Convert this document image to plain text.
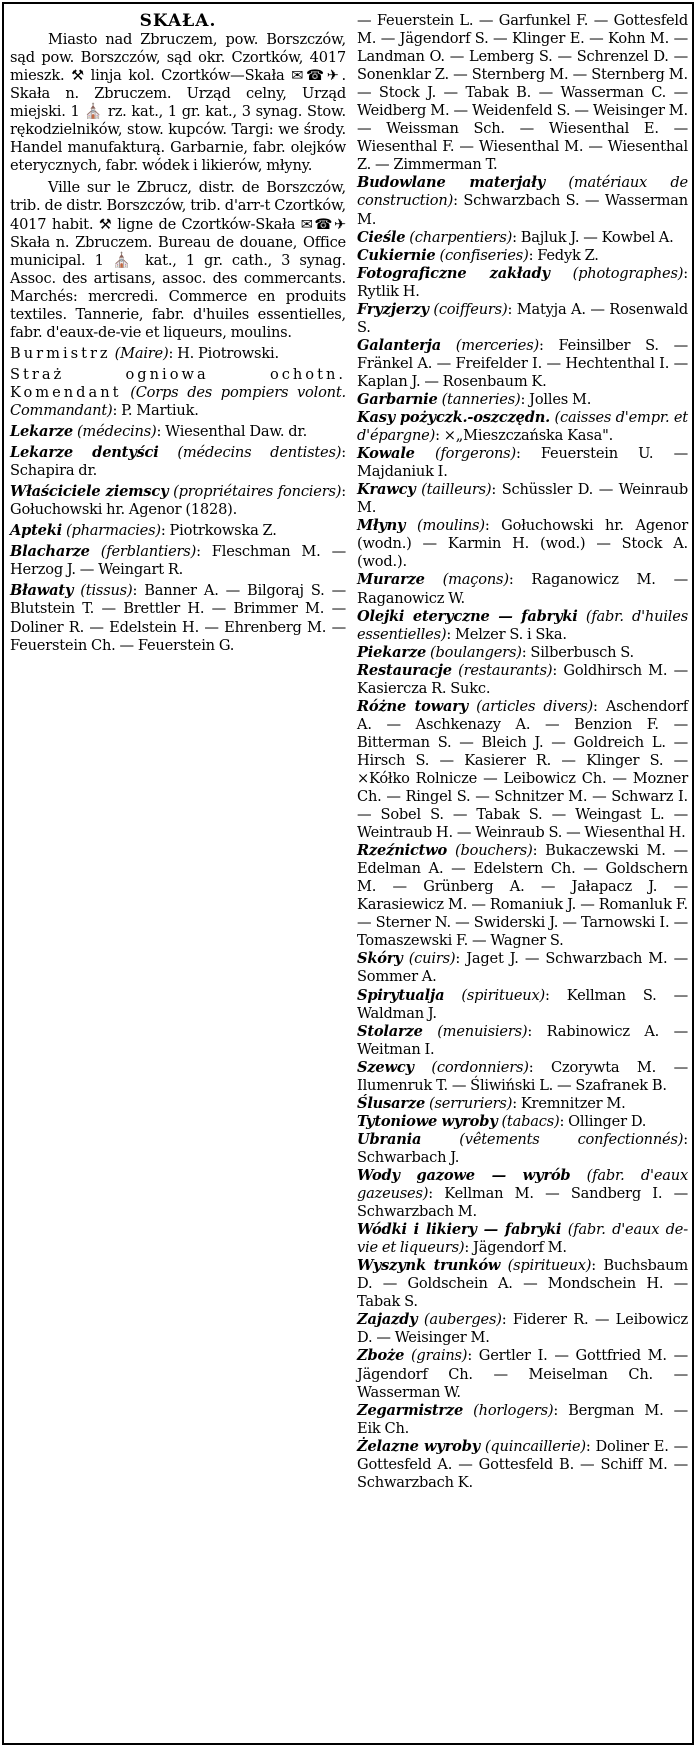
SKAŁA.

Miasto nad Zbruczem, pow. Borszczów, sąd pow. Borszczów, sąd okr. Czortków, 4017 mieszk. ⚒ linja kol. Czortków—Skała ✉☎✈. Skała n. Zbruczem. Urząd celny, Urząd miejski. 1 ⛪ rz. kat., 1 gr. kat., 3 synag. Stow. rękodzielników, stow. kupców. Targi: we środy. Handel manufakturą. Garbarnie, fabr. olejków eterycznych, fabr. wódek i likierów, młyny.

Ville sur le Zbrucz, distr. de Borszczów, trib. de distr. Borszczów, trib. d'arr-t Czortków, 4017 habit. ⚒ ligne de Czortków-Skała ✉☎✈ Skała n. Zbruczem. Bureau de douane, Office municipal. 1 ⛪ kat., 1 gr. cath., 3 synag. Assoc. des artisans, assoc. des commercants. Marchés: mercredi. Commerce en produits textiles. Tannerie, fabr. d'huiles essentielles, fabr. d'eaux-de-vie et liqueurs, moulins.

Burmistrz (Maire): H. Piotrowski.

Straż ogniowa ochotn. Komendant (Corps des pompiers volont. Commandant): P. Martiuk.

Lekarze (médecins): Wiesenthal Daw. dr.

Lekarze dentyści (médecins dentistes): Schapira dr.

Właściciele ziemscy (propriétaires fonciers): Gołuchowski hr. Agenor (1828).

Apteki (pharmacies): Piotrkowska Z.

Blacharze (ferblantiers): Fleschman M. — Herzog J. — Weingart R.

Bławaty (tissus): Banner A. — Bilgoraj S. — Blutstein T. — Brettler H. — Brimmer M. — Doliner R. — Edelstein H. — Ehrenberg M. — Feuerstein Ch. — Feuerstein G.

— Feuerstein L. — Garfunkel F. — Gottesfeld M. — Jägendorf S. — Klinger E. — Kohn M. — Landman O. — Lemberg S. — Schrenzel D. — Sonenklar Z. — Sternberg M. — Sternberg M. — Stock J. — Tabak B. — Wasserman C. — Weidberg M. — Weidenfeld S. — Weisinger M. — Weissman Sch. — Wiesenthal E. — Wiesenthal F. — Wiesenthal M. — Wiesenthal Z. — Zimmerman T.

Budowlane materjały (matériaux de construction): Schwarzbach S. — Wasserman M.

Cieśle (charpentiers): Bajluk J. — Kowbel A.

Cukiernie (confiseries): Fedyk Z.

Fotograficzne zakłady (photographes): Rytlik H.

Fryzjerzy (coiffeurs): Matyja A. — Rosenwald S.

Galanterja (merceries): Feinsilber S. — Fränkel A. — Freifelder I. — Hechtenthal I. — Kaplan J. — Rosenbaum K.

Garbarnie (tanneries): Jolles M.

Kasy pożyczk.-oszczędn. (caisses d'empr. et d'épargne): ×„Mieszczańska Kasa".

Kowale (forgerons): Feuerstein U. — Majdaniuk I.

Krawcy (tailleurs): Schüssler D. — Weinraub M.

Młyny (moulins): Gołuchowski hr. Agenor (wodn.) — Karmin H. (wod.) — Stock A. (wod.).

Murarze (maçons): Raganowicz M. — Raganowicz W.

Olejki eteryczne — fabryki (fabr. d'huiles essentielles): Melzer S. i Ska.

Piekarze (boulangers): Silberbusch S.

Restauracje (restaurants): Goldhirsch M. — Kasiercza R. Sukc.

Różne towary (articles divers): Aschendorf A. — Aschkenazy A. — Benzion F. — Bitterman S. — Bleich J. — Goldreich L. — Hirsch S. — Kasierer R. — Klinger S. — ×Kółko Rolnicze — Leibowicz Ch. — Mozner Ch. — Ringel S. — Schnitzer M. — Schwarz I. — Sobel S. — Tabak S. — Weingast L. — Weintraub H. — Weinraub S. — Wiesenthal H.

Rzeźnictwo (bouchers): Bukaczewski M. — Edelman A. — Edelstern Ch. — Goldschern M. — Grünberg A. — Jałapacz J. — Karasiewicz M. — Romaniuk J. — Romanluk F. — Sterner N. — Swiderski J. — Tarnowski I. — Tomaszewski F. — Wagner S.

Skóry (cuirs): Jaget J. — Schwarzbach M. — Sommer A.

Spirytualja (spiritueux): Kellman S. — Waldman J.

Stolarze (menuisiers): Rabinowicz A. — Weitman I.

Szewcy (cordonniers): Czorywta M. — Ilumenruk T. — Śliwiński L. — Szafranek B.

Ślusarze (serruriers): Kremnitzer M.

Tytoniowe wyroby (tabacs): Ollinger D.

Ubrania	(vêtements confectionnés): Schwarbach J.

Wody gazowe — wyrób (fabr. d'eaux gazeuses): Kellman M. — Sandberg I. — Schwarzbach M.

Wódki i likiery — fabryki (fabr. d'eaux de-vie et liqueurs): Jägendorf M.

Wyszynk trunków (spiritueux): Buchsbaum D. — Goldschein A. — Mondschein H. — Tabak S.

Zajazdy (auberges): Fiderer R. — Leibowicz D. — Weisinger M.

Zboże (grains): Gertler I. — Gottfried M. — Jägendorf Ch. — Meiselman Ch. — Wasserman W.

Zegarmistrze (horlogers): Bergman M. — Eik Ch.

Żelazne wyroby (quincaillerie): Doliner E. — Gottesfeld A. — Gottesfeld B. — Schiff M. — Schwarzbach K.
